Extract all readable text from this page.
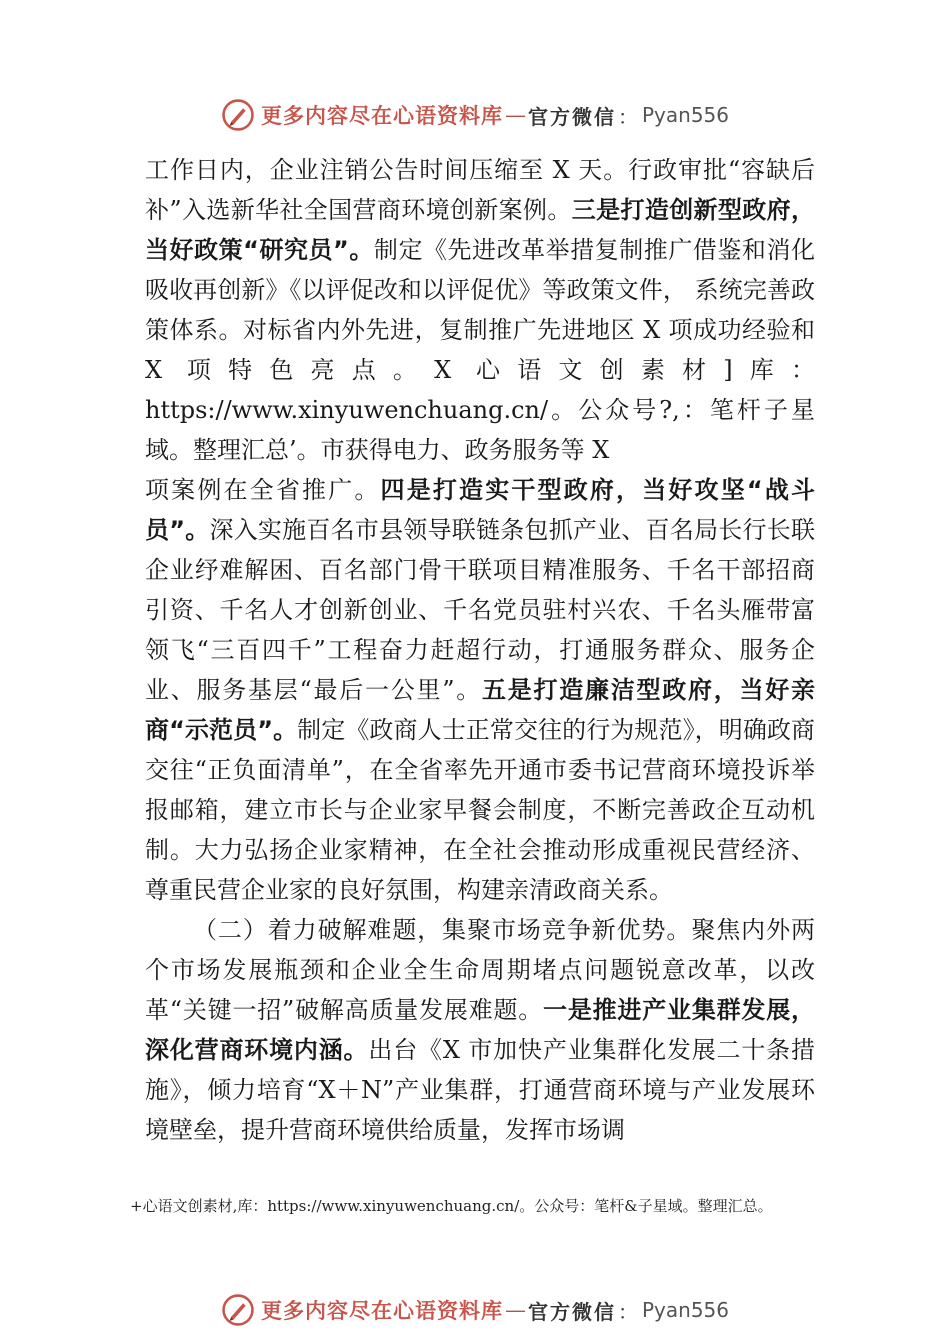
更多内容尽在心语资料库 — 官方微信 ： Pyan556

工作日内，企业注销公告时间压缩至 X 天。行政审批“容缺后补”入选新华社全国营商环境创新案例。三是打造创新型政府，当好政策“研究员”。制定《先进改革举措复制推广借鉴和消化吸收再创新》《以评促改和以评促优》等政策文件， 系统完善政策体系。对标省内外先进，复制推广先进地区 X 项成功经验和X 项特色亮点。X 心语文创素材]库：https://www.xinyuwenchuang.cn/。公众号?,：笔杆子星域。整理汇总’。市获得电力、政务服务等 X

项案例在全省推广。四是打造实干型政府，当好攻坚“战斗员”。深入实施百名市县领导联链条包抓产业、百名局长行长联企业纾难解困、百名部门骨干联项目精准服务、千名干部招商引资、千名人才创新创业、千名党员驻村兴农、千名头雁带富领飞“三百四千”工程奋力赶超行动，打通服务群众、服务企业、服务基层“最后一公里”。五是打造廉洁型政府，当好亲商“示范员”。制定《政商人士正常交往的行为规范》，明确政商交往“正负面清单”，在全省率先开通市委书记营商环境投诉举报邮箱，建立市长与企业家早餐会制度，不断完善政企互动机制。大力弘扬企业家精神，在全社会推动形成重视民营经济、尊重民营企业家的良好氛围，构建亲清政商关系。

（二）着力破解难题，集聚市场竞争新优势。聚焦内外两个市场发展瓶颈和企业全生命周期堵点问题锐意改革，以改革“关键一招”破解高质量发展难题。一是推进产业集群发展，深化营商环境内涵。出台《X 市加快产业集群化发展二十条措施》，倾力培育“X＋N”产业集群，打通营商环境与产业发展环境壁垒，提升营商环境供给质量，发挥市场调

+心语文创素材,库：https://www.xinyuwenchuang.cn/。公众号：笔杆&子星域。整理汇总。
更多内容尽在心语资料库 — 官方微信 ： Pyan556
